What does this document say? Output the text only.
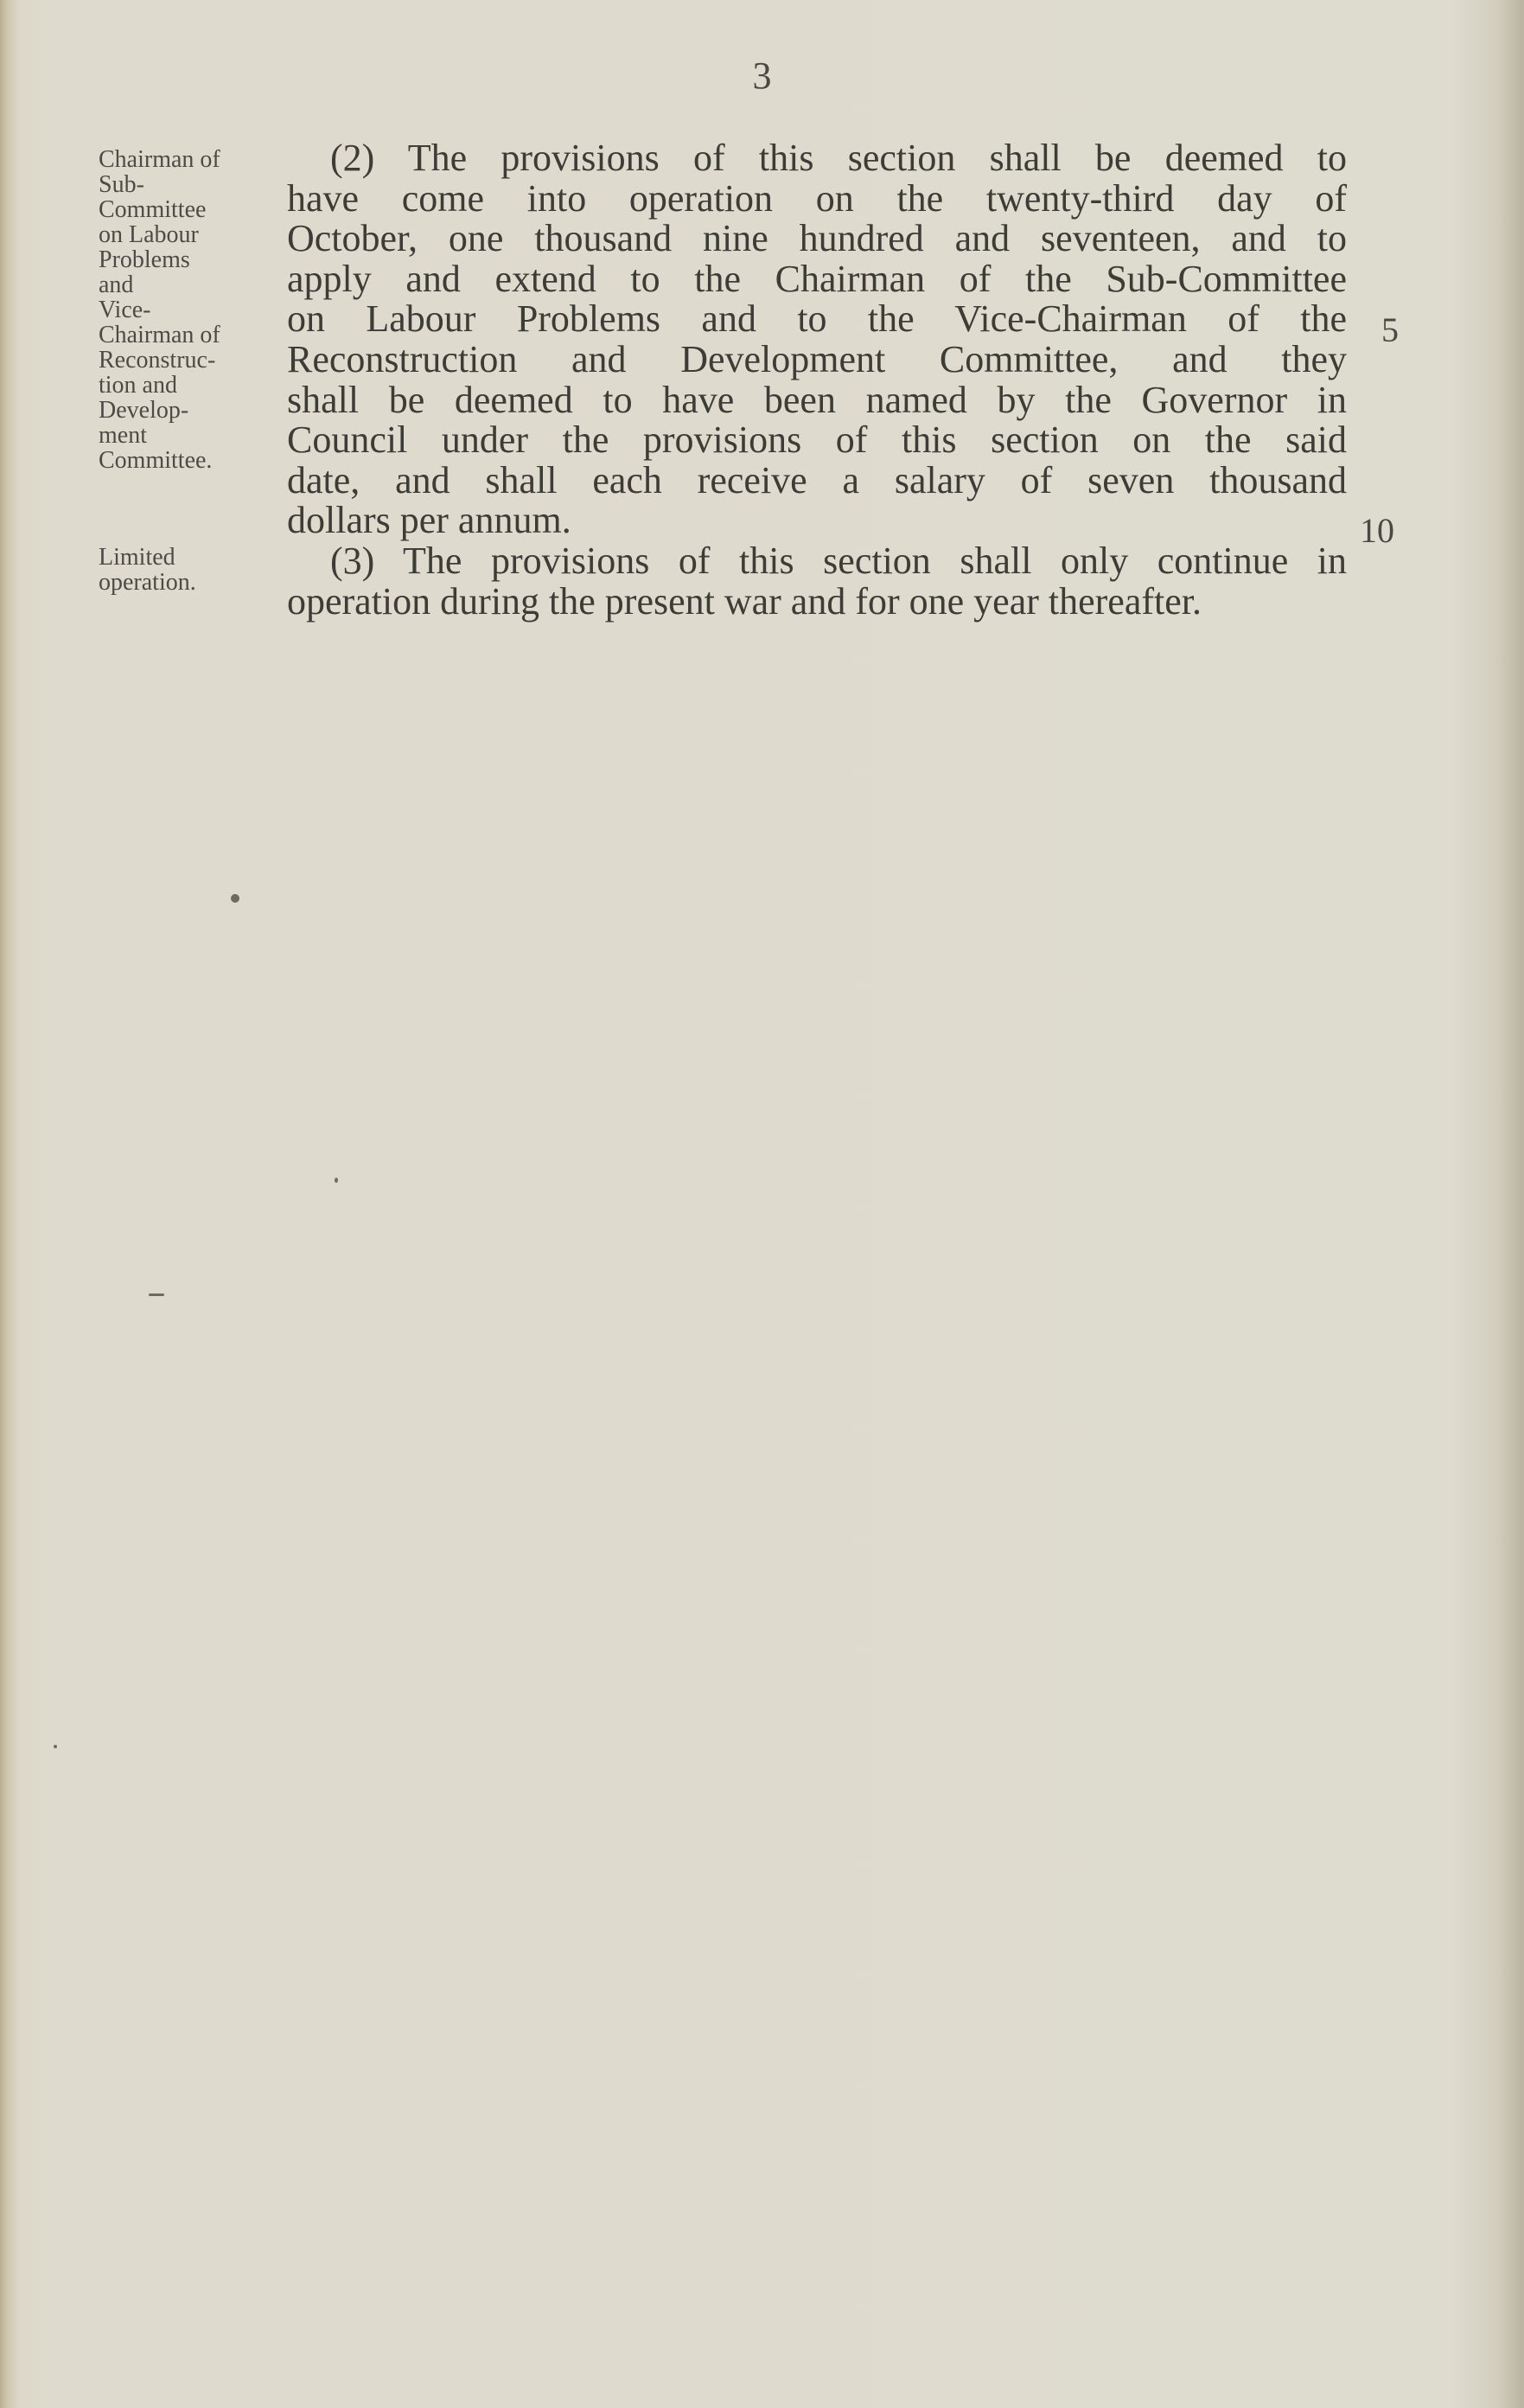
3
Chairman of
Sub-
Committee
on Labour
Problems
and
Vice-
Chairman of
Reconstruc-
tion and
Develop-
ment
Committee.
Limited
operation.
(2) The provisions of this section shall be deemed to
have come into operation on the twenty-third day of
October, one thousand nine hundred and seventeen, and to
apply and extend to the Chairman of the Sub-Committee
on Labour Problems and to the Vice-Chairman of the
Reconstruction and Development Committee, and they
shall be deemed to have been named by the Governor in
Council under the provisions of this section on the said
date, and shall each receive a salary of seven thousand
dollars per annum.
(3) The provisions of this section shall only continue in
operation during the present war and for one year thereafter.
5
10
